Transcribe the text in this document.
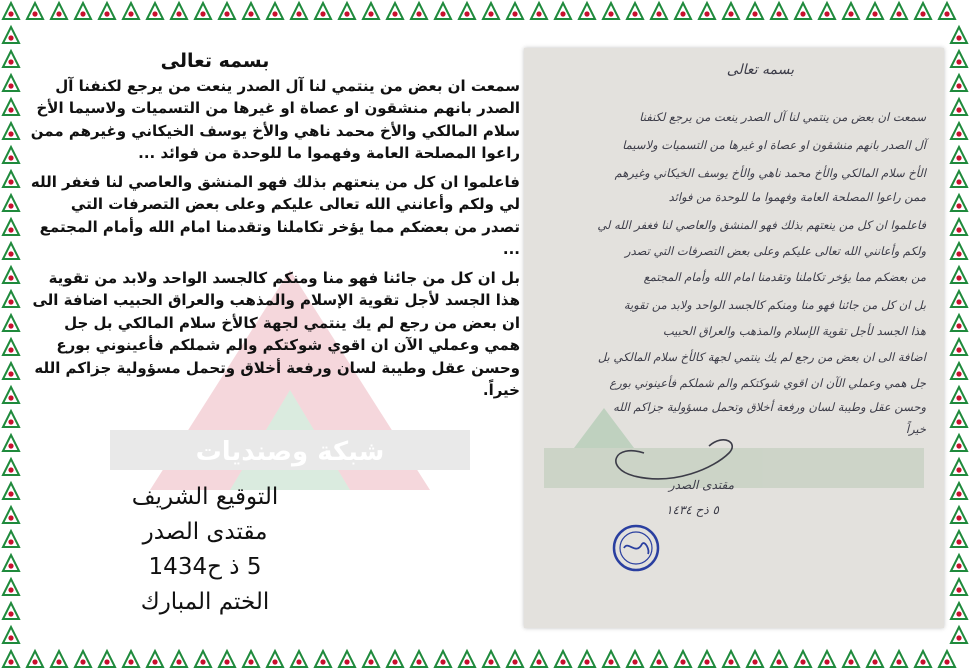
شبكة وصنديات
بسمه تعالى

سمعت ان بعض من ينتمي لنا آل الصدر ينعت من يرجع لكنفنا آل الصدر بانهم منشقون او عصاة او غيرها من التسميات ولاسيما الأخ سلام المالكي والأخ محمد ناهي والأخ يوسف الخيكاني وغيرهم ممن راعوا المصلحة العامة وفهموا ما للوحدة من فوائد ...

فاعلموا ان كل من ينعتهم بذلك فهو المنشق والعاصي لنا فغفر الله لي ولكم وأعانني الله تعالى عليكم وعلى بعض التصرفات التي تصدر من بعضكم مما يؤخر تكاملنا وتقدمنا امام الله وأمام المجتمع ...

بل ان كل من جائنا فهو منا ومنكم كالجسد الواحد ولابد من تقوية هذا الجسد لأجل تقوية الإسلام والمذهب والعراق الحبيب اضافة الى ان بعض من رجع لم يك ينتمي لجهة كالأخ سلام المالكي بل جل همي وعملي الآن ان اقوي شوكتكم والم شملكم فأعينوني بورع وحسن عقل وطيبة لسان ورفعة أخلاق وتحمل مسؤولية جزاكم الله خيراً.

التوقيع الشريف
مقتدى الصدر
5 ذ ح1434
الختم المبارك
بسمه تعالى
سمعت ان بعض من ينتمي لنا آل الصدر ينعت من يرجع لكنفنا
آل الصدر بانهم منشقون او عصاة او غيرها من التسميات ولاسيما
الأخ سلام المالكي والأخ محمد ناهي والأخ يوسف الخيكاني وغيرهم
ممن راعوا المصلحة العامة وفهموا ما للوحدة من فوائد
فاعلموا ان كل من ينعتهم بذلك فهو المنشق والعاصي لنا فغفر الله لي
ولكم وأعانني الله تعالى عليكم وعلى بعض التصرفات التي تصدر
من بعضكم مما يؤخر تكاملنا وتقدمنا امام الله وأمام المجتمع
بل ان كل من جائنا فهو منا ومنكم كالجسد الواحد ولابد من تقوية
هذا الجسد لأجل تقوية الإسلام والمذهب والعراق الحبيب
اضافة الى ان بعض من رجع لم يك ينتمي لجهة كالأخ سلام المالكي بل
جل همي وعملي الآن ان اقوي شوكتكم والم شملكم فأعينوني بورع
وحسن عقل وطيبة لسان ورفعة أخلاق وتحمل مسؤولية جزاكم الله
خيراً
مقتدى الصدر
٥ ذح ١٤٣٤
